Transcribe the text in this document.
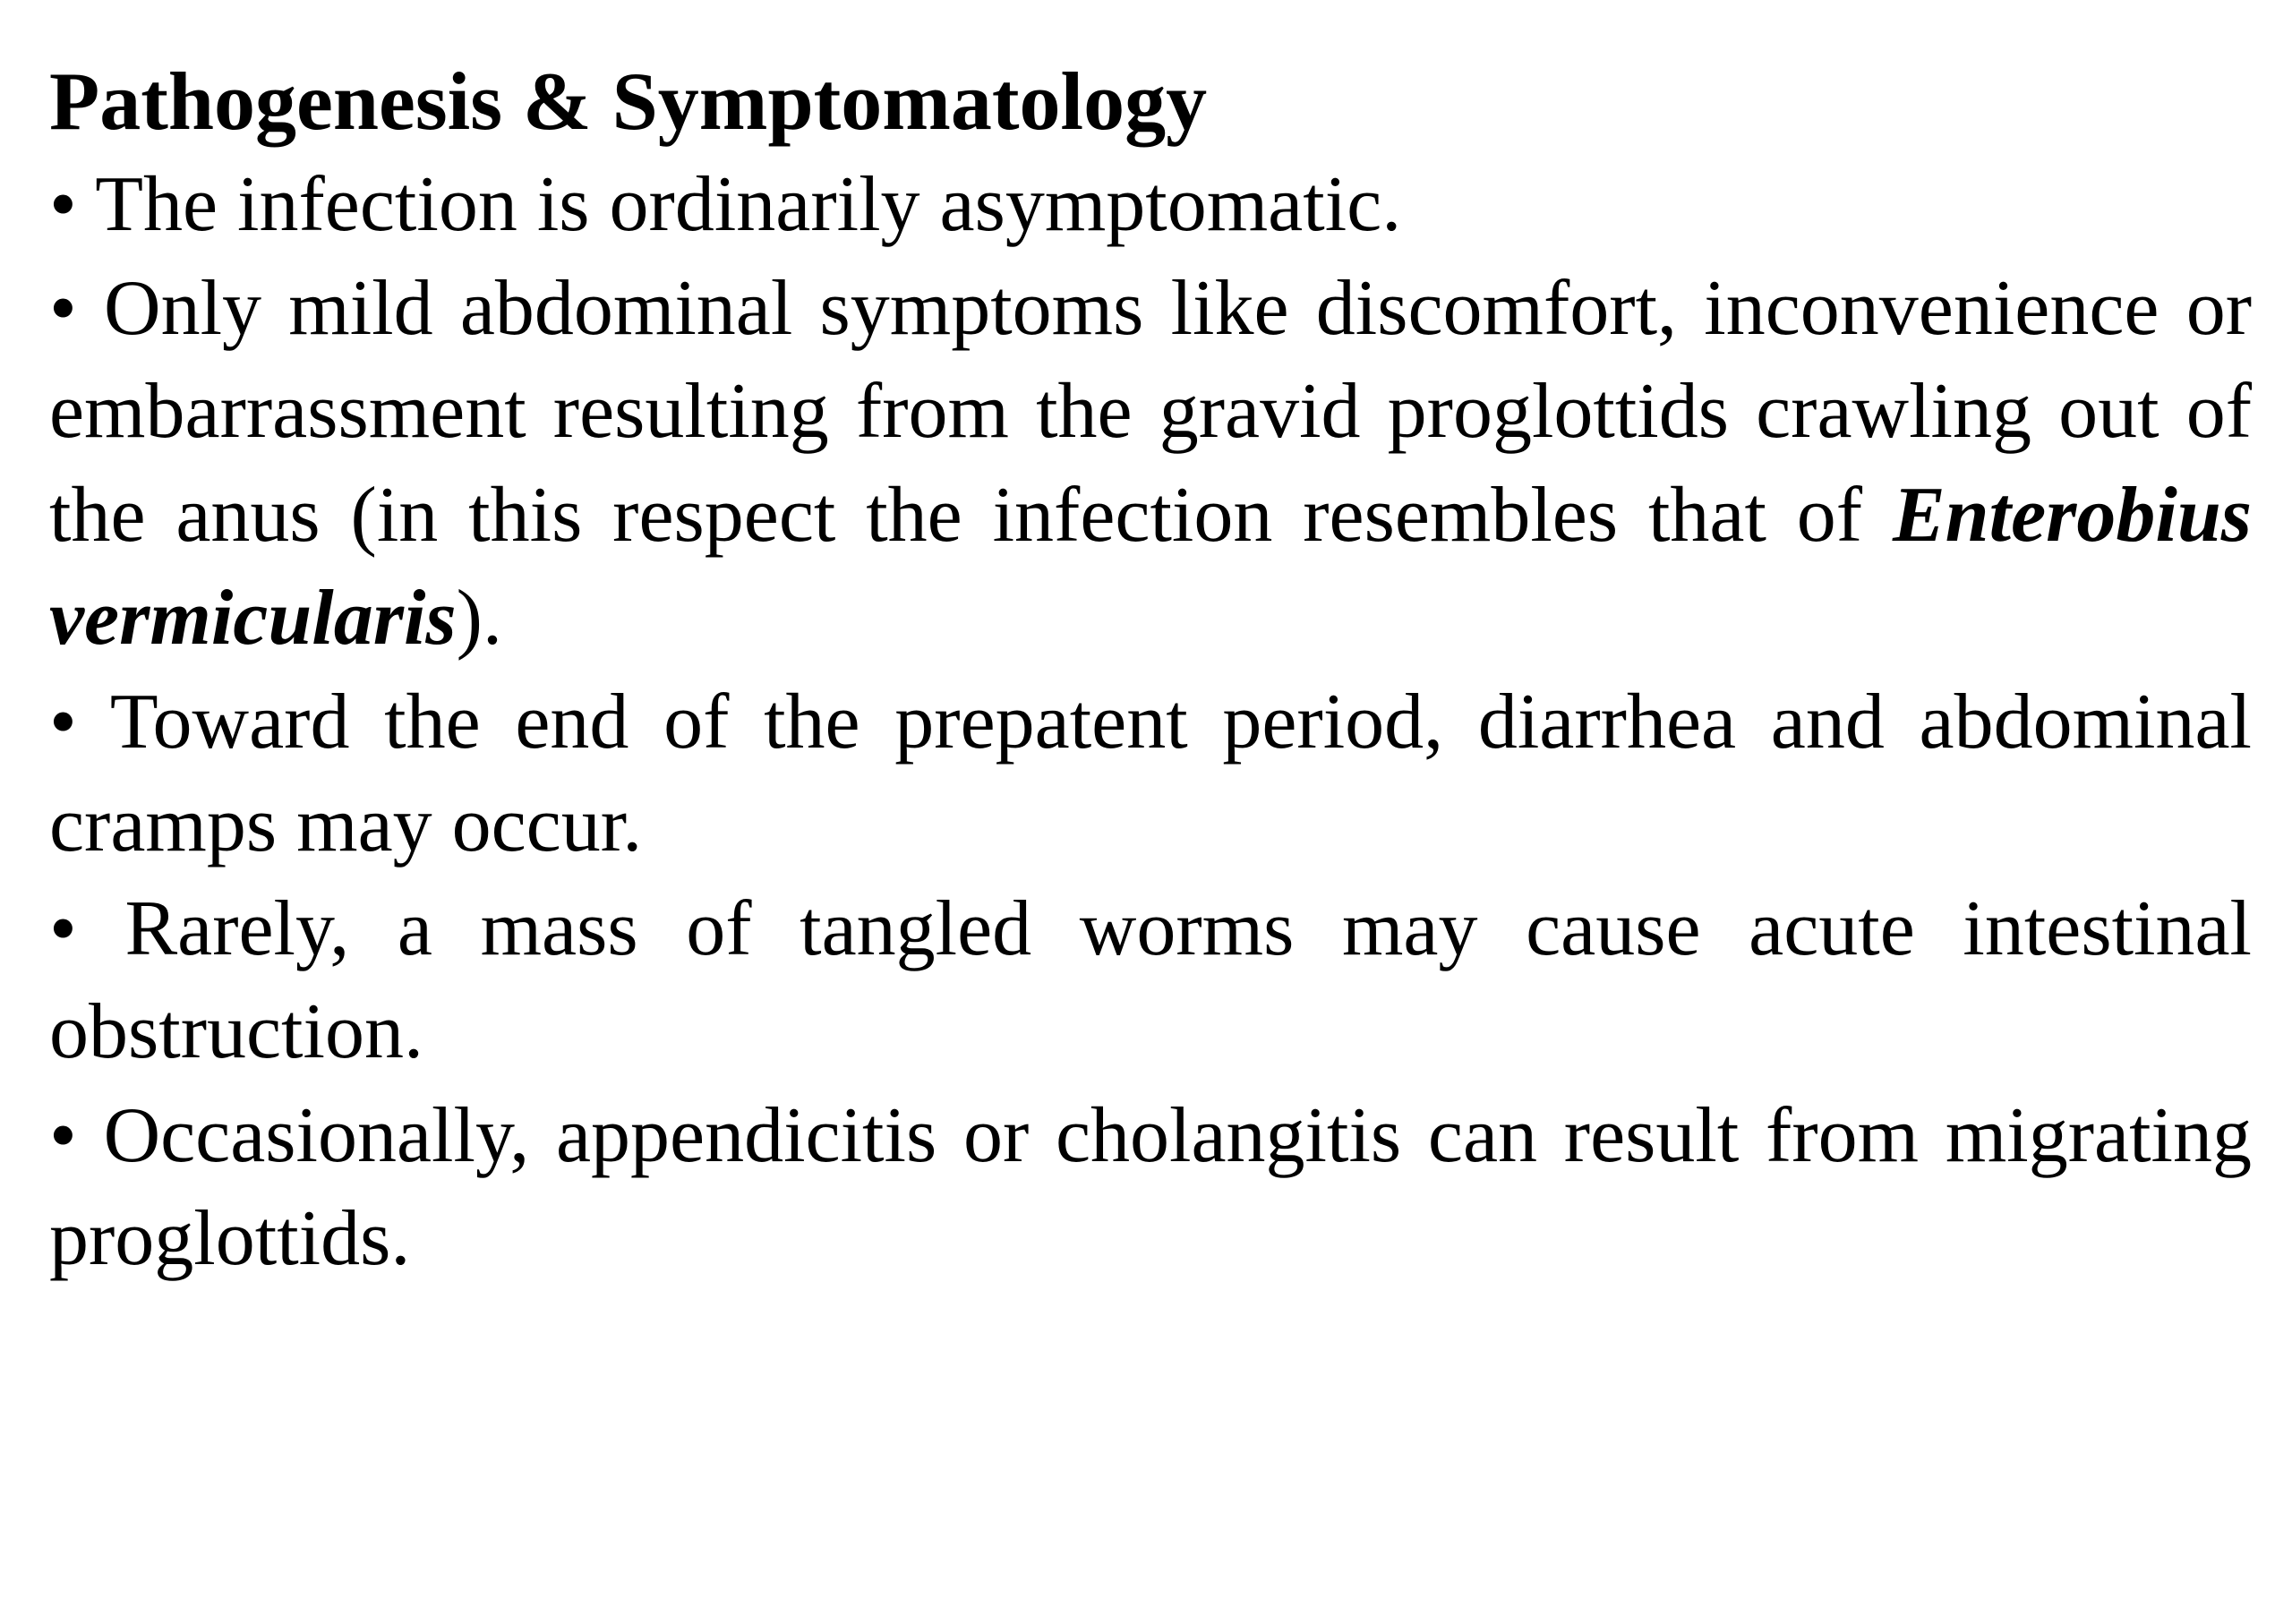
Pathogenesis & Symptomatology
• The infection is ordinarily asymptomatic.
• Only mild abdominal symptoms like discomfort, inconvenience or embarrassment resulting from the gravid proglottids crawling out of the anus (in this respect the infection resembles that of Enterobius vermicularis).
• Toward the end of the prepatent period, diarrhea and abdominal cramps may occur.
• Rarely, a mass of tangled worms may cause acute intestinal obstruction.
• Occasionally, appendicitis or cholangitis can result from migrating proglottids.
